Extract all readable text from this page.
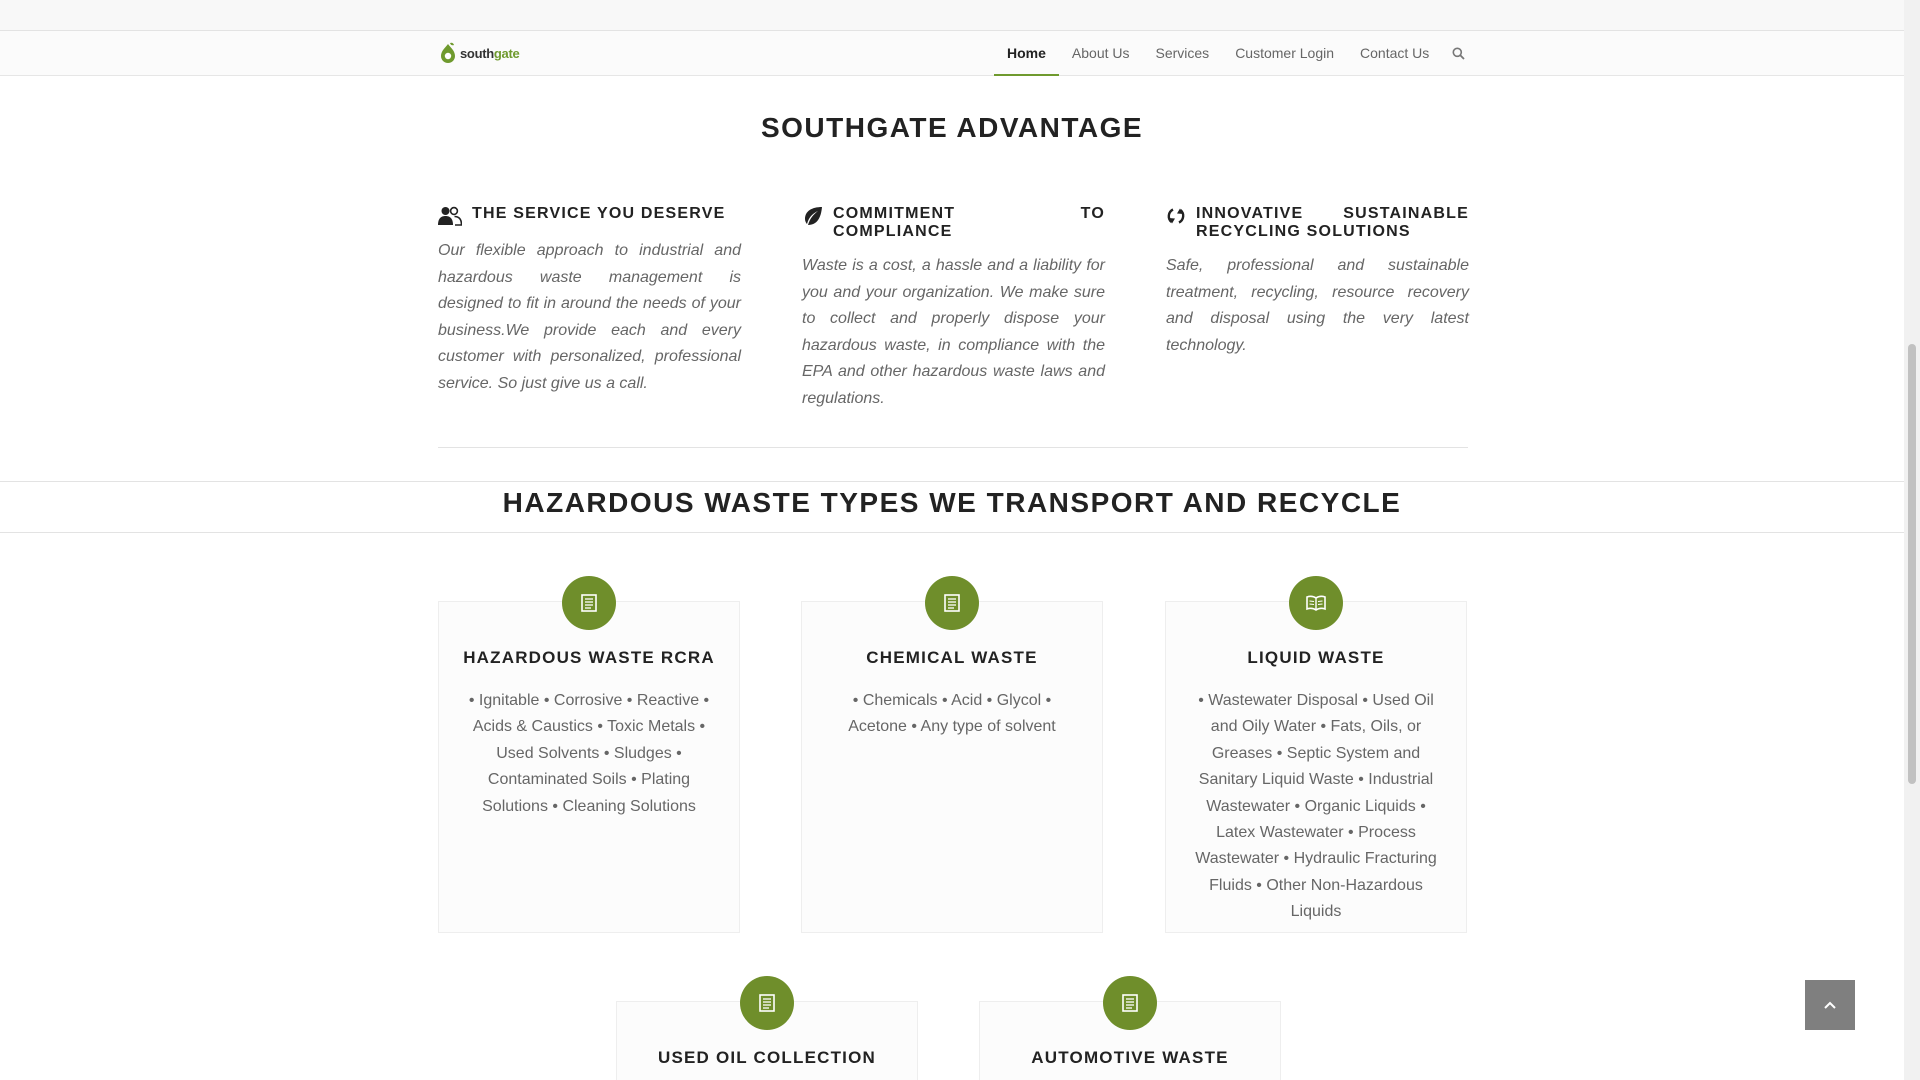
southgate	Home	About Us	Services	Customer Login	Contact Us
SOUTHGATE ADVANTAGE
THE SERVICE YOU DESERVE
Our flexible approach to industrial and hazardous waste management is designed to fit in around the needs of your business.We provide each and every customer with personalized, professional service. So just give us a call.
COMMITMENT TO COMPLIANCE
Waste is a cost, a hassle and a liability for you and your organization. We make sure to collect and properly dispose your hazardous waste, in compliance with the EPA and other hazardous waste laws and regulations.
INNOVATIVE SUSTAINABLE RECYCLING SOLUTIONS
Safe, professional and sustainable treatment, recycling, resource recovery and disposal using the very latest technology.
HAZARDOUS WASTE TYPES WE TRANSPORT AND RECYCLE
HAZARDOUS WASTE RCRA
• Ignitable • Corrosive • Reactive • Acids & Caustics • Toxic Metals • Used Solvents • Sludges • Contaminated Soils • Plating Solutions • Cleaning Solutions
CHEMICAL WASTE
• Chemicals • Acid • Glycol • Acetone • Any type of solvent
LIQUID WASTE
• Wastewater Disposal • Used Oil and Oily Water • Fats, Oils, or Greases • Septic System and Sanitary Liquid Waste • Industrial Wastewater • Organic Liquids • Latex Wastewater • Process Wastewater • Hydraulic Fracturing Fluids • Other Non-Hazardous Liquids
USED OIL COLLECTION	AUTOMOTIVE WASTE
